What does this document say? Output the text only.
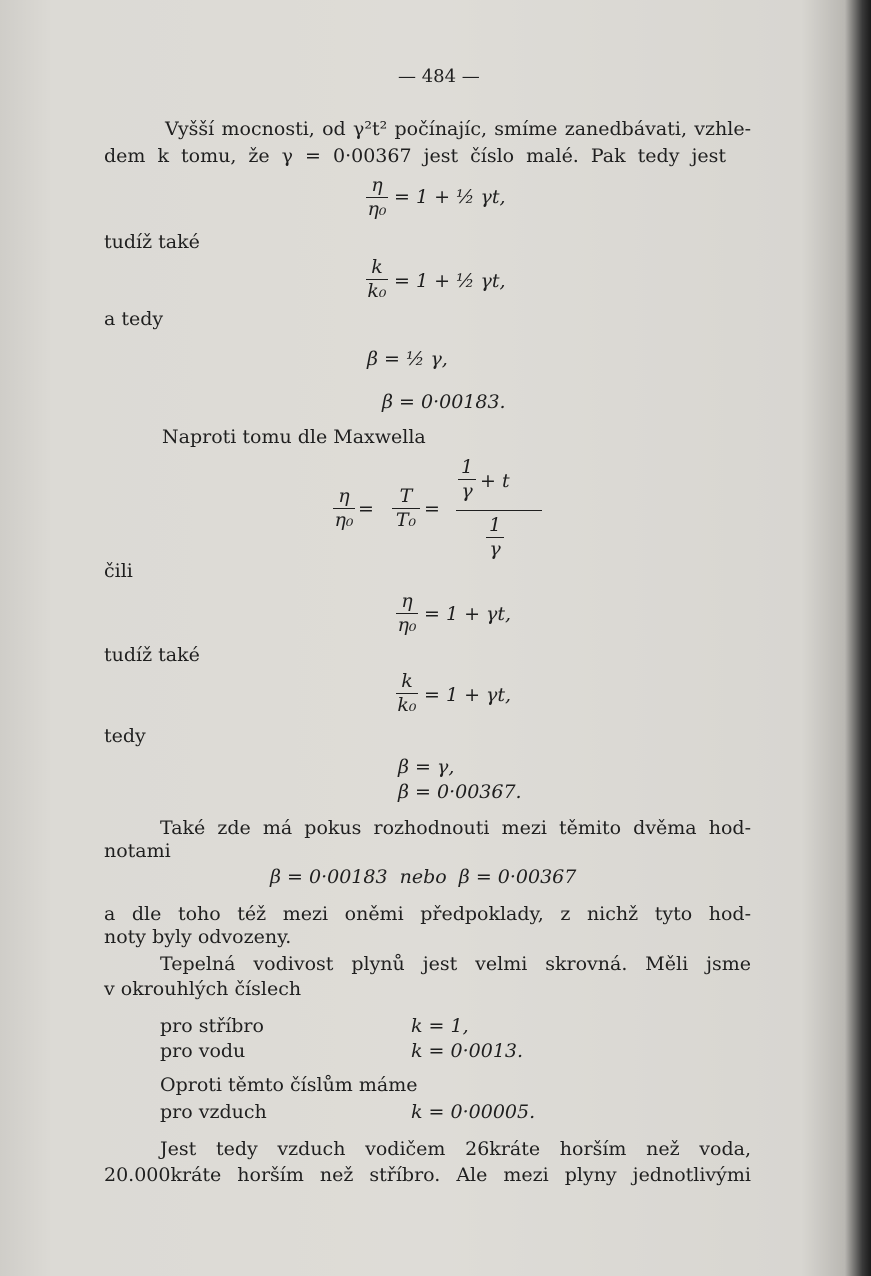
— 484 —
Vyšší mocnosti, od γ²t² počínajíc, smíme zanedbávati, vzhle-
dem k tomu, že γ = 0·00367 jest číslo malé. Pak tedy jest
η
η₀
= 1 + ½ γt,
tudíž také
k
k₀ = 1 + ½ γt,
a tedy
β = ½ γ,
β = 0·00183.
Naproti tomu dle Maxwella
η
η₀ =
T
T₀ =
1
γ + t
1
γ
čili
η
η₀ = 1 + γt,
tudíž také
k
k₀ = 1 + γt,
tedy
β = γ,
β = 0·00367.
Také zde má pokus rozhodnouti mezi těmito dvěma hod-
notami
β = 0·00183  nebo  β = 0·00367
a dle toho též mezi oněmi předpoklady, z nichž tyto hod-
noty byly odvozeny.
Tepelná vodivost plynů jest velmi skrovná. Měli jsme
v okrouhlých číslech
pro stříbro	k = 1,
pro vodu	k = 0·0013.
Oproti těmto číslům máme
pro vzduch	k = 0·00005.
Jest tedy vzduch vodičem 26kráte horším než voda,
20.000kráte horším než stříbro. Ale mezi plyny jednotlivými
